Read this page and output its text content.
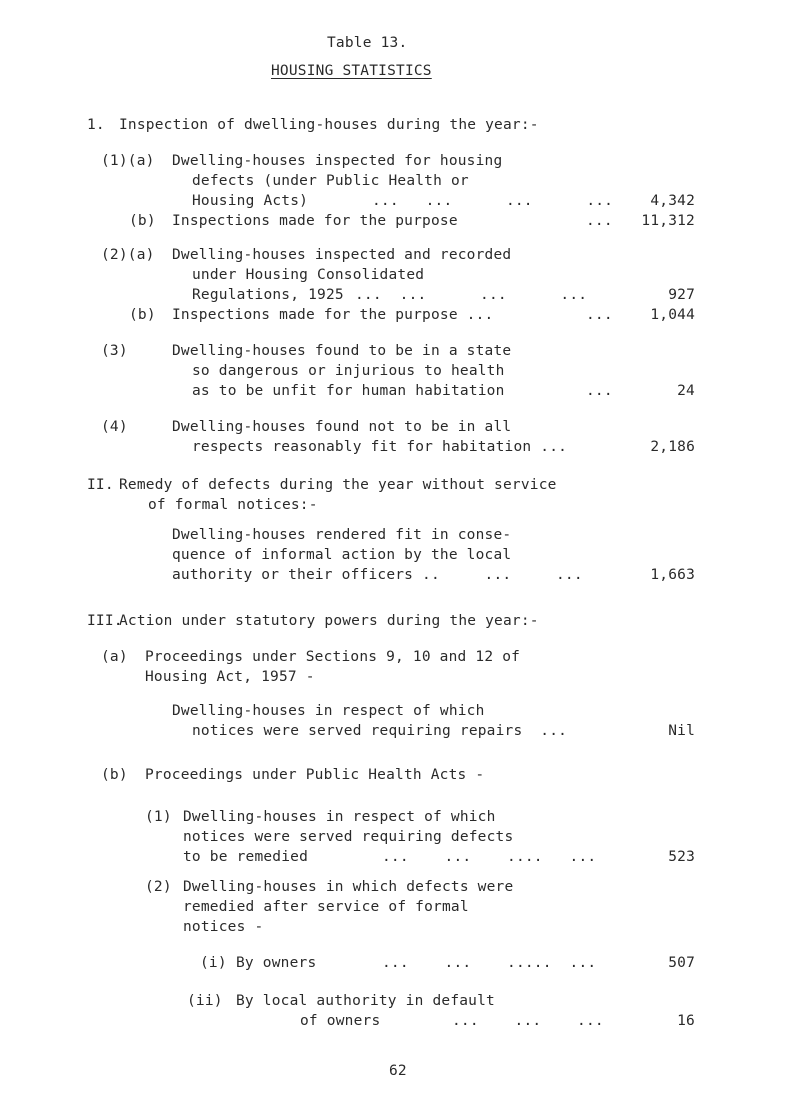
Table 13.
HOUSING STATISTICS
1. Inspection of dwelling-houses during the year:-
(1)(a) Dwelling-houses inspected for housing
defects (under Public Health or
Housing Acts)	...   ...      ...      ...	4,342
(b) Inspections made for the purpose	... 11,312
(2)(a) Dwelling-houses inspected and recorded
under Housing Consolidated
Regulations, 1925 ...  ...      ...      ...	927
(b) Inspections made for the purpose ...	...	1,044
(3)	Dwelling-houses found to be in a state
so dangerous or injurious to health
as to be unfit for human habitation	...	24
(4)	Dwelling-houses found not to be in all
respects reasonably fit for habitation ...	2,186
II. Remedy of defects during the year without service
of formal notices:-
Dwelling-houses rendered fit in conse-
quence of informal action by the local
authority or their officers ..     ...     ...	1,663
III.
Action under statutory powers during the year:-
(a) Proceedings under Sections 9, 10 and 12 of
Housing Act, 1957 -
Dwelling-houses in respect of which
notices were served requiring repairs  ...	Nil
(b) Proceedings under Public Health Acts -
(1) Dwelling-houses in respect of which
notices were served requiring defects
to be remedied	...    ...    ....   ...	523
(2) Dwelling-houses in which defects were
remedied after service of formal
notices -
(i) By owners	...    ...    .....  ...	507
(ii) By local authority in default
of owners	...    ...    ...	16
62
